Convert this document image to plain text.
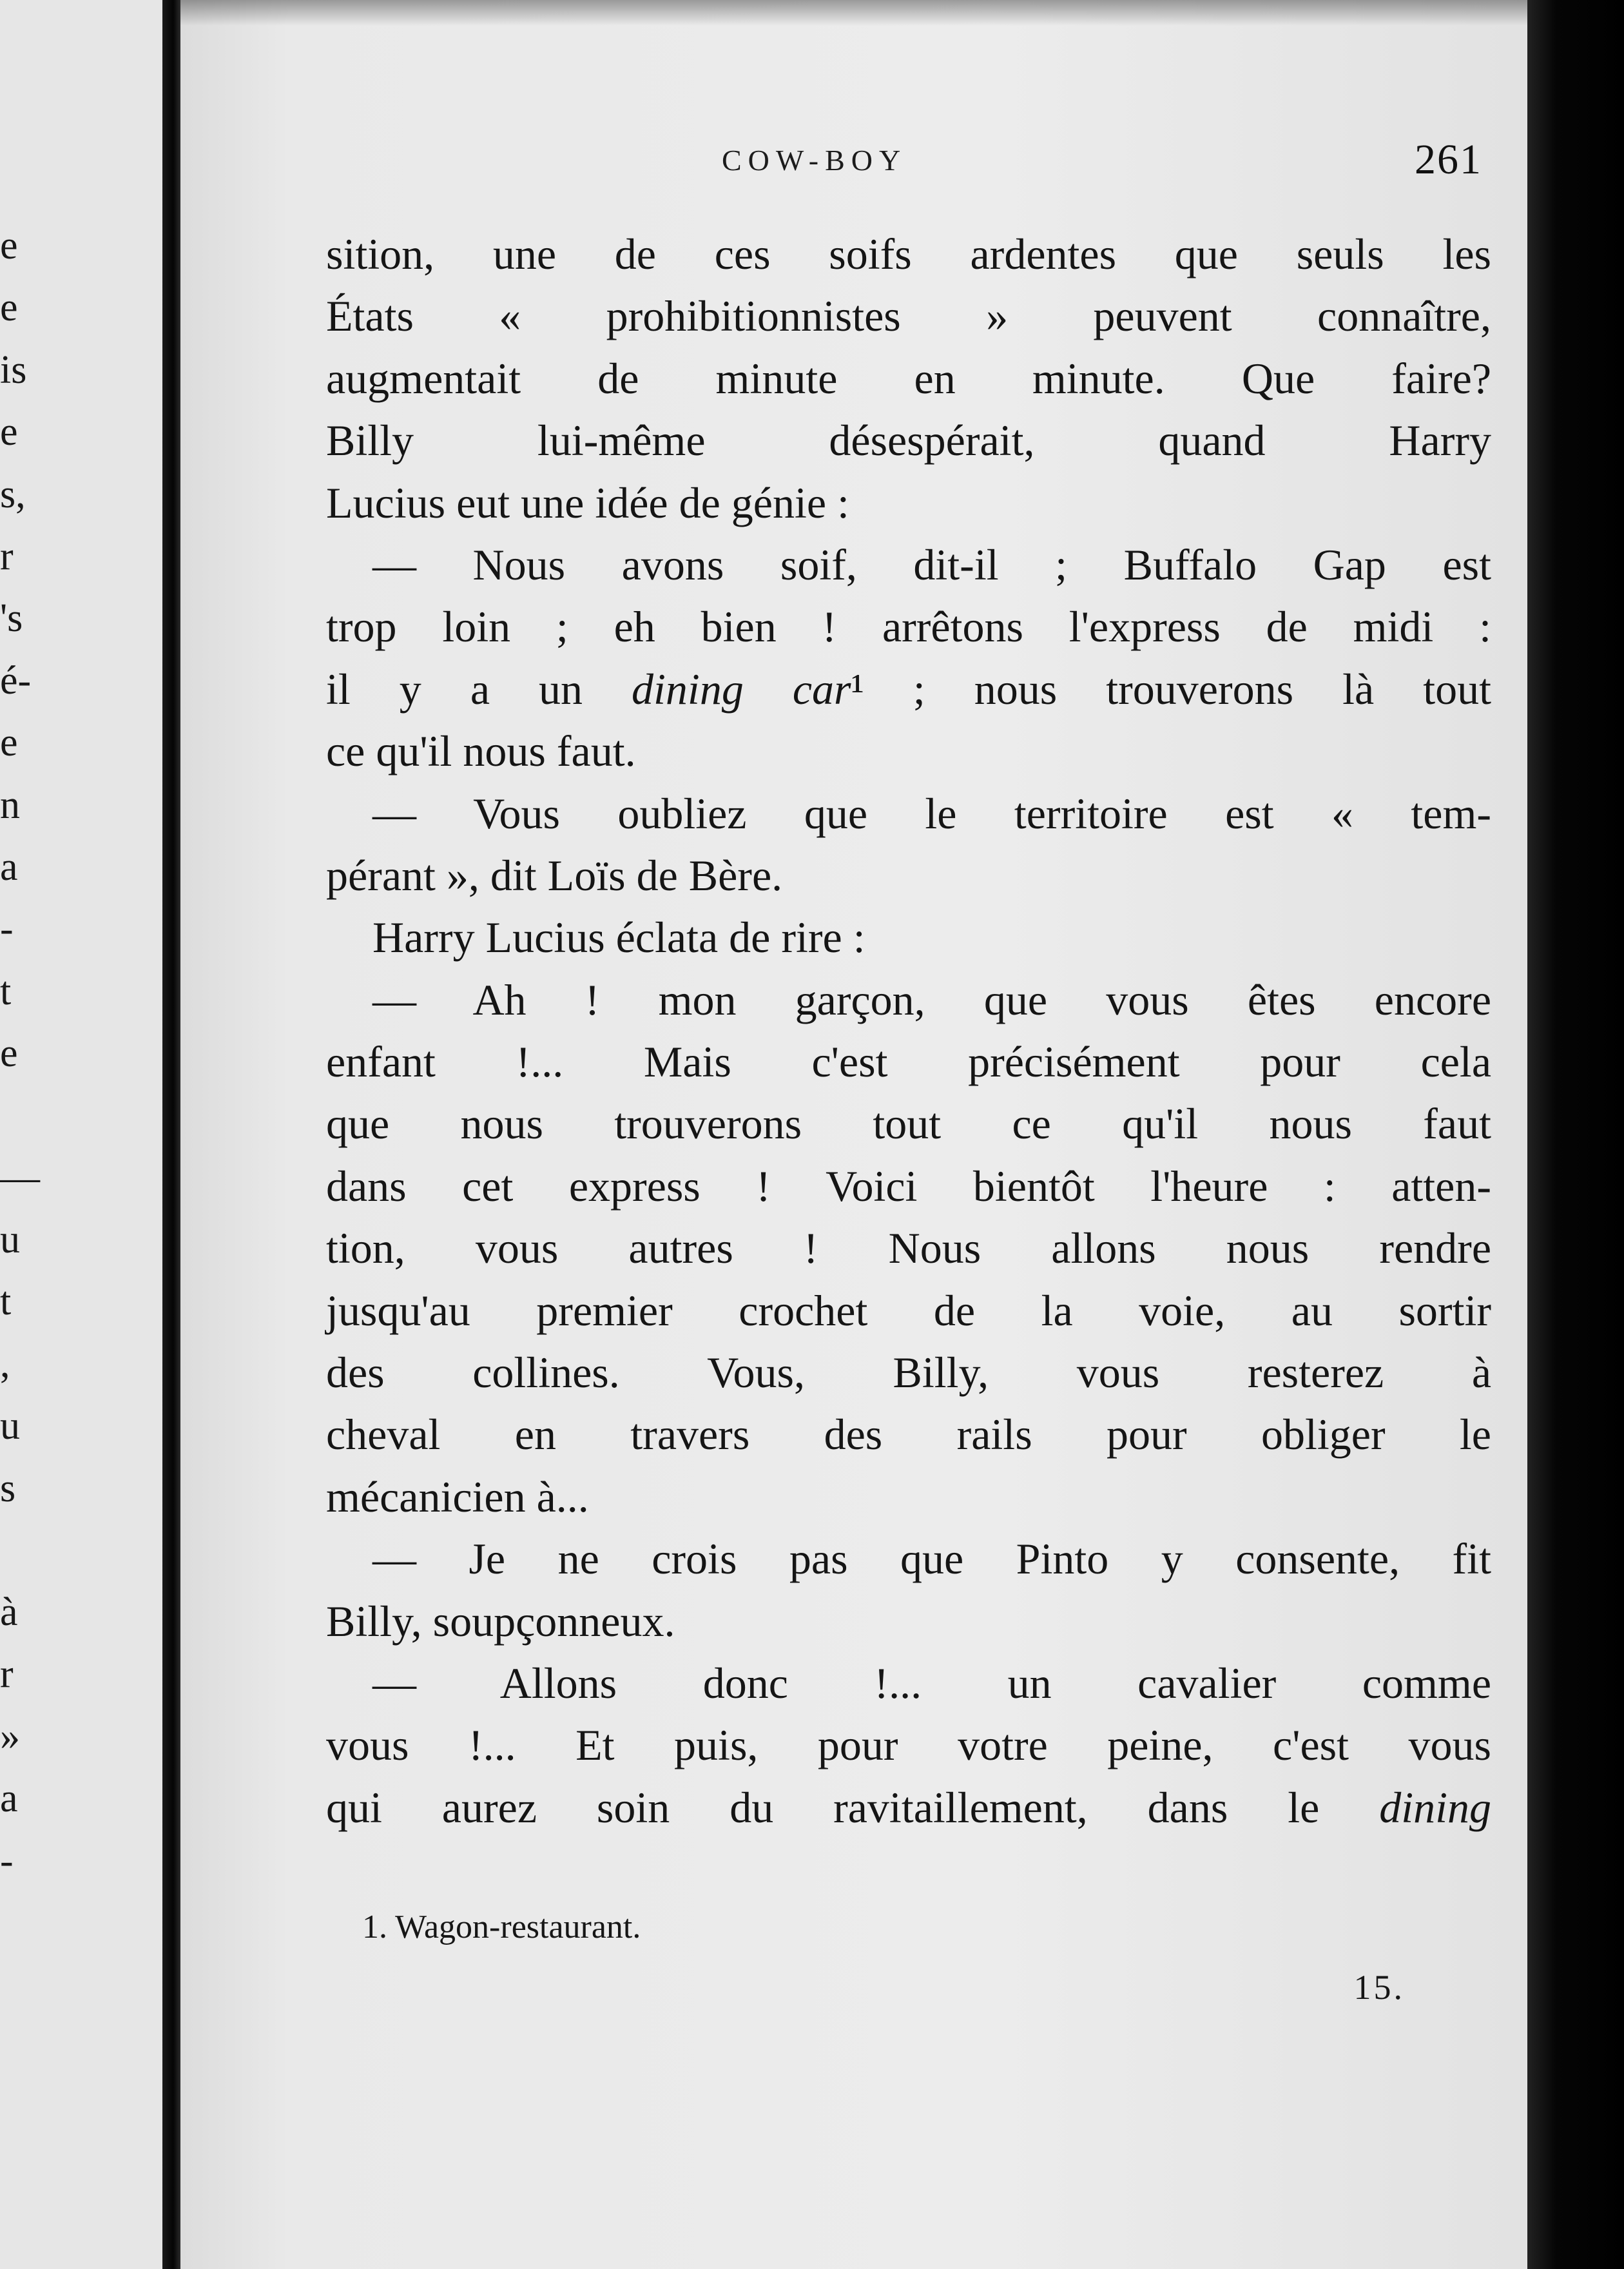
e
e
is
e
s,
r
's
é-
e
n
a
-
t
e
—
u
t
,
u
s
à
r
»
a
-
COW-BOY	261
sition, une de ces soifs ardentes que seuls les
États « prohibitionnistes » peuvent connaître,
augmentait de minute en minute. Que faire?
Billy lui-même désespérait, quand Harry
Lucius eut une idée de génie :
— Nous avons soif, dit-il ; Buffalo Gap est
trop loin ; eh bien ! arrêtons l'express de midi :
il y a un dining car¹ ; nous trouverons là tout
ce qu'il nous faut.
— Vous oubliez que le territoire est « tem-
pérant », dit Loïs de Bère.
Harry Lucius éclata de rire :
— Ah ! mon garçon, que vous êtes encore
enfant !... Mais c'est précisément pour cela
que nous trouverons tout ce qu'il nous faut
dans cet express ! Voici bientôt l'heure : atten-
tion, vous autres ! Nous allons nous rendre
jusqu'au premier crochet de la voie, au sortir
des collines. Vous, Billy, vous resterez à
cheval en travers des rails pour obliger le
mécanicien à...
— Je ne crois pas que Pinto y consente, fit
Billy, soupçonneux.
— Allons donc !... un cavalier comme
vous !... Et puis, pour votre peine, c'est vous
qui aurez soin du ravitaillement, dans le dining
1. Wagon-restaurant.
15.
